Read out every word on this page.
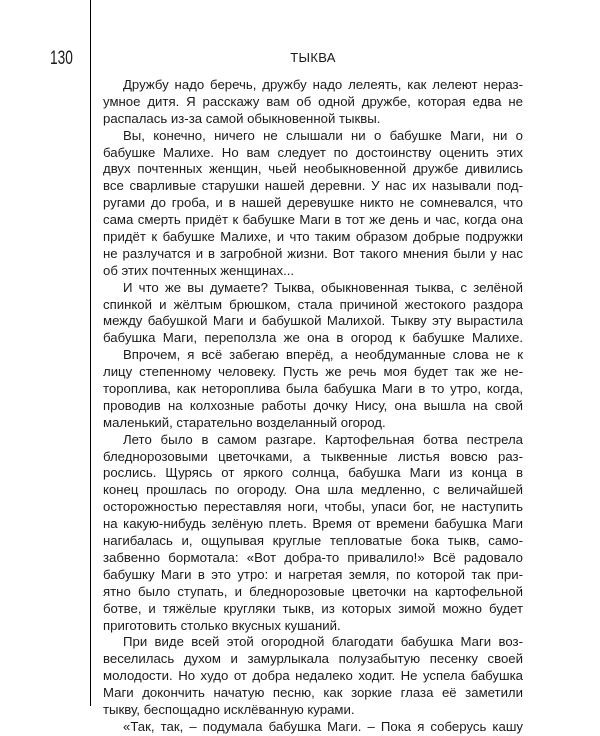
130	ТЫКВА
Дружбу надо беречь, дружбу надо лелеять, как лелеют нераз-
умное дитя. Я расскажу вам об одной дружбе, которая едва не
распалась из-за самой обыкновенной тыквы.
Вы, конечно, ничего не слышали ни о бабушке Маги, ни о
бабушке Малихе. Но вам следует по достоинству оценить этих
двух почтенных женщин, чьей необыкновенной дружбе дивились
все сварливые старушки нашей деревни. У нас их называли под-
ругами до гроба, и в нашей деревушке никто не сомневался, что
сама смерть придёт к бабушке Маги в тот же день и час, когда она
придёт к бабушке Малихе, и что таким образом добрые подружки
не разлучатся и в загробной жизни. Вот такого мнения были у нас
об этих почтенных женщинах...
И что же вы думаете? Тыква, обыкновенная тыква, с зелёной
спинкой и жёлтым брюшком, стала причиной жестокого раздора
между бабушкой Маги и бабушкой Малихой. Тыкву эту вырастила
бабушка Маги, переползла же она в огород к бабушке Малихе.
Впрочем, я всё забегаю вперёд, а необдуманные слова не к
лицу степенному человеку. Пусть же речь моя будет так же не-
тороплива, как нетороплива была бабушка Маги в то утро, когда,
проводив на колхозные работы дочку Нису, она вышла на свой
маленький, старательно возделанный огород.
Лето было в самом разгаре. Картофельная ботва пестрела
бледнорозовыми цветочками, а тыквенные листья вовсю раз-
рослись. Щурясь от яркого солнца, бабушка Маги из конца в
конец прошлась по огороду. Она шла медленно, с величайшей
осторожностью переставляя ноги, чтобы, упаси бог, не наступить
на какую-нибудь зелёную плеть. Время от времени бабушка Маги
нагибалась и, ощупывая круглые тепловатые бока тыкв, само-
забвенно бормотала: «Вот добра-то привалило!» Всё радовало
бабушку Маги в это утро: и нагретая земля, по которой так при-
ятно было ступать, и бледнорозовые цветочки на картофельной
ботве, и тяжёлые кругляки тыкв, из которых зимой можно будет
приготовить столько вкусных кушаний.
При виде всей этой огородной благодати бабушка Маги воз-
веселилась духом и замурлыкала полузабытую песенку своей
молодости. Но худо от добра недалеко ходит. Не успела бабушка
Маги докончить начатую песню, как зоркие глаза её заметили
тыкву, беспощадно исклёванную курами.
«Так, так, – подумала бабушка Маги. – Пока я соберусь кашу
